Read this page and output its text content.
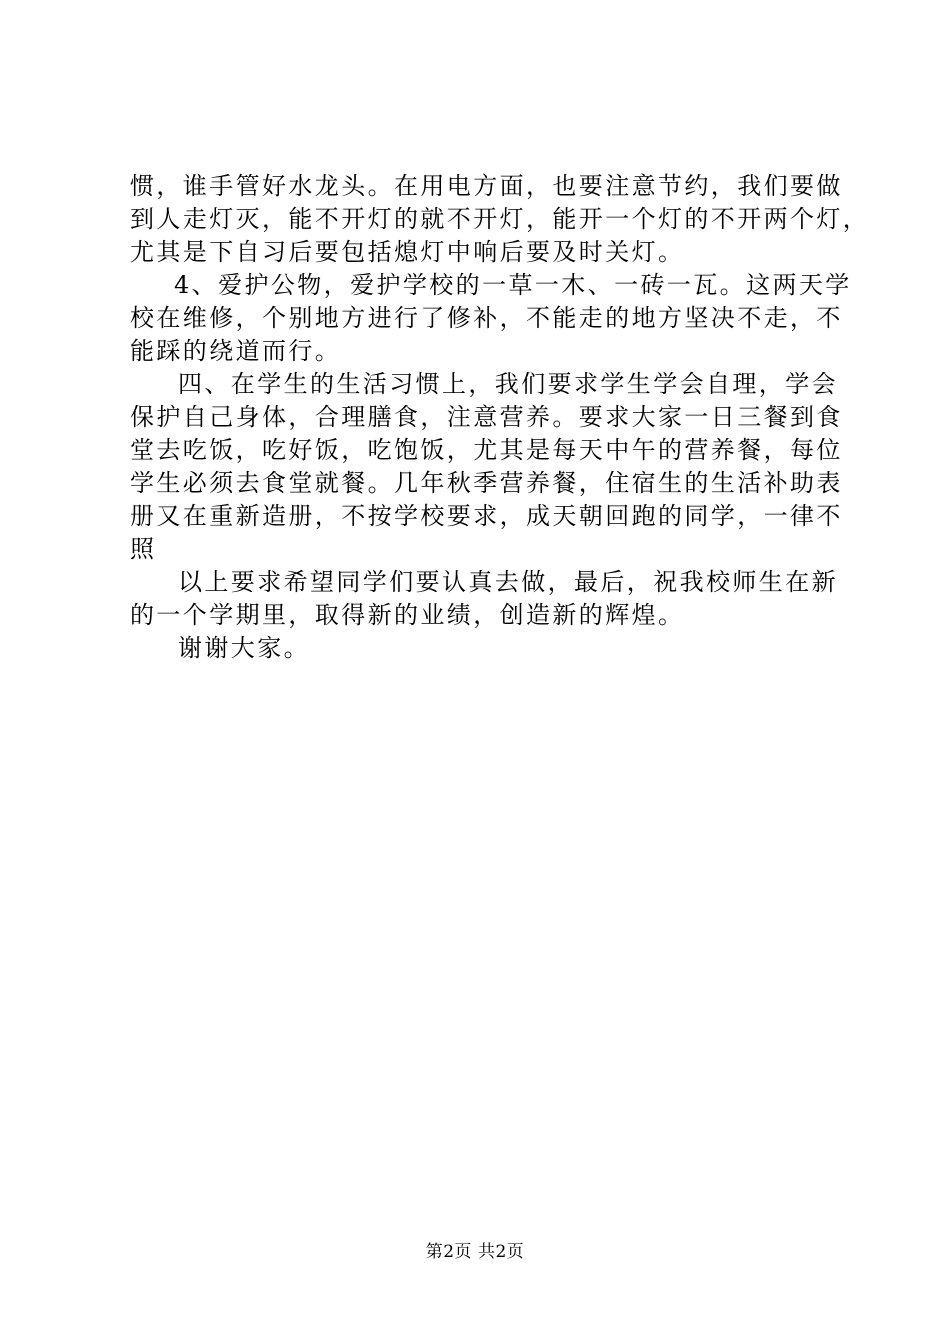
惯，谁手管好水龙头。在用电方面，也要注意节约，我们要做
到人走灯灭，能不开灯的就不开灯，能开一个灯的不开两个灯，
尤其是下自习后要包括熄灯中响后要及时关灯。
4、爱护公物，爱护学校的一草一木、一砖一瓦。这两天学
校在维修，个别地方进行了修补，不能走的地方坚决不走，不
能踩的绕道而行。
四、在学生的生活习惯上，我们要求学生学会自理，学会
保护自己身体，合理膳食，注意营养。要求大家一日三餐到食
堂去吃饭，吃好饭，吃饱饭，尤其是每天中午的营养餐，每位
学生必须去食堂就餐。几年秋季营养餐，住宿生的生活补助表
册又在重新造册，不按学校要求，成天朝回跑的同学，一律不
照
以上要求希望同学们要认真去做，最后，祝我校师生在新
的一个学期里，取得新的业绩，创造新的辉煌。
谢谢大家。
第2页 共2页
